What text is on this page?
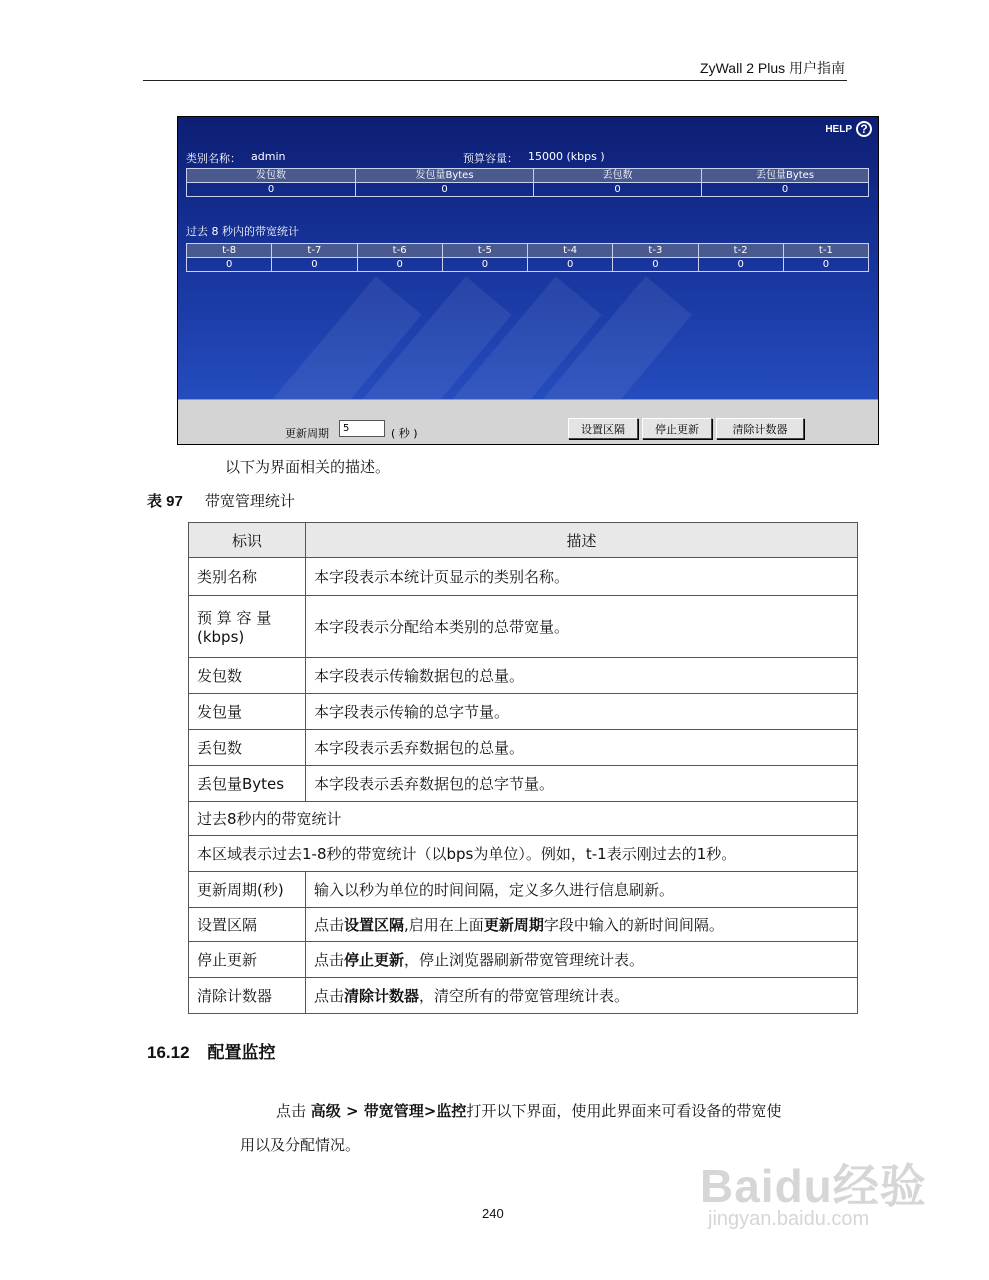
ZyWall 2 Plus 用户指南
HELP ?
类别名称： admin	预算容量： 15000 (kbps )
发包数	发包量Bytes	丢包数	丢包量Bytes
0	0	0	0
过去 8 秒内的带宽统计
t-8	t-7	t-6	t-5	t-4	t-3	t-2	t-1
0	0	0	0	0	0	0	0
更新周期
5	( 秒 )	设置区隔	停止更新	清除计数器
以下为界面相关的描述。
表 97 带宽管理统计
标识	描述
类别名称	本字段表示本统计页显示的类别名称。
预 算 容 量 (kbps)	本字段表示分配给本类别的总带宽量。
发包数	本字段表示传输数据包的总量。
发包量	本字段表示传输的总字节量。
丢包数	本字段表示丢弃数据包的总量。
丢包量Bytes	本字段表示丢弃数据包的总字节量。
过去8秒内的带宽统计	
本区域表示过去1-8秒的带宽统计（以bps为单位）。例如，t-1表示刚过去的1秒。	
更新周期(秒)	输入以秒为单位的时间间隔，定义多久进行信息刷新。
设置区隔	点击设置区隔,启用在上面更新周期字段中输入的新时间间隔。
停止更新	点击停止更新，停止浏览器刷新带宽管理统计表。
清除计数器	点击清除计数器，清空所有的带宽管理统计表。
16.12 配置监控
点击 高级 > 带宽管理>监控打开以下界面，使用此界面来可看设备的带宽使
用以及分配情况。
240
Baidu经验
jingyan.baidu.com
